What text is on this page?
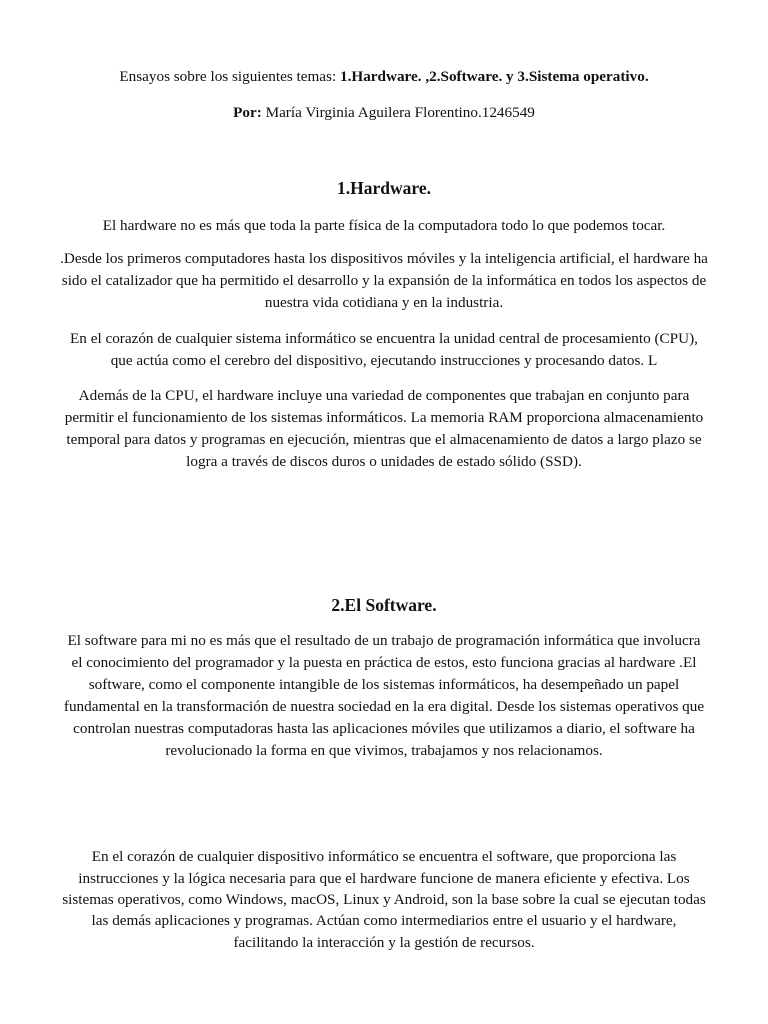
Ensayos sobre los siguientes temas: 1.Hardware. ,2.Software. y 3.Sistema operativo.
Por: María Virginia Aguilera Florentino.1246549
1.Hardware.
El hardware no es más que toda la parte física de la computadora todo lo que podemos tocar.
.Desde los primeros computadores hasta los dispositivos móviles y la inteligencia artificial, el hardware ha
sido el catalizador que ha permitido el desarrollo y la expansión de la informática en todos los aspectos de
nuestra vida cotidiana y en la industria.
En el corazón de cualquier sistema informático se encuentra la unidad central de procesamiento (CPU),
que actúa como el cerebro del dispositivo, ejecutando instrucciones y procesando datos. L
Además de la CPU, el hardware incluye una variedad de componentes que trabajan en conjunto para
permitir el funcionamiento de los sistemas informáticos. La memoria RAM proporciona almacenamiento
temporal para datos y programas en ejecución, mientras que el almacenamiento de datos a largo plazo se
logra a través de discos duros o unidades de estado sólido (SSD).
2.El Software.
El software para mi no es más que el resultado de un trabajo de programación informática que involucra
el conocimiento del programador y la puesta en práctica de estos, esto funciona gracias al hardware .El
software, como el componente intangible de los sistemas informáticos, ha desempeñado un papel
fundamental en la transformación de nuestra sociedad en la era digital. Desde los sistemas operativos que
controlan nuestras computadoras hasta las aplicaciones móviles que utilizamos a diario, el software ha
revolucionado la forma en que vivimos, trabajamos y nos relacionamos.
En el corazón de cualquier dispositivo informático se encuentra el software, que proporciona las
instrucciones y la lógica necesaria para que el hardware funcione de manera eficiente y efectiva. Los
sistemas operativos, como Windows, macOS, Linux y Android, son la base sobre la cual se ejecutan todas
las demás aplicaciones y programas. Actúan como intermediarios entre el usuario y el hardware,
facilitando la interacción y la gestión de recursos.
